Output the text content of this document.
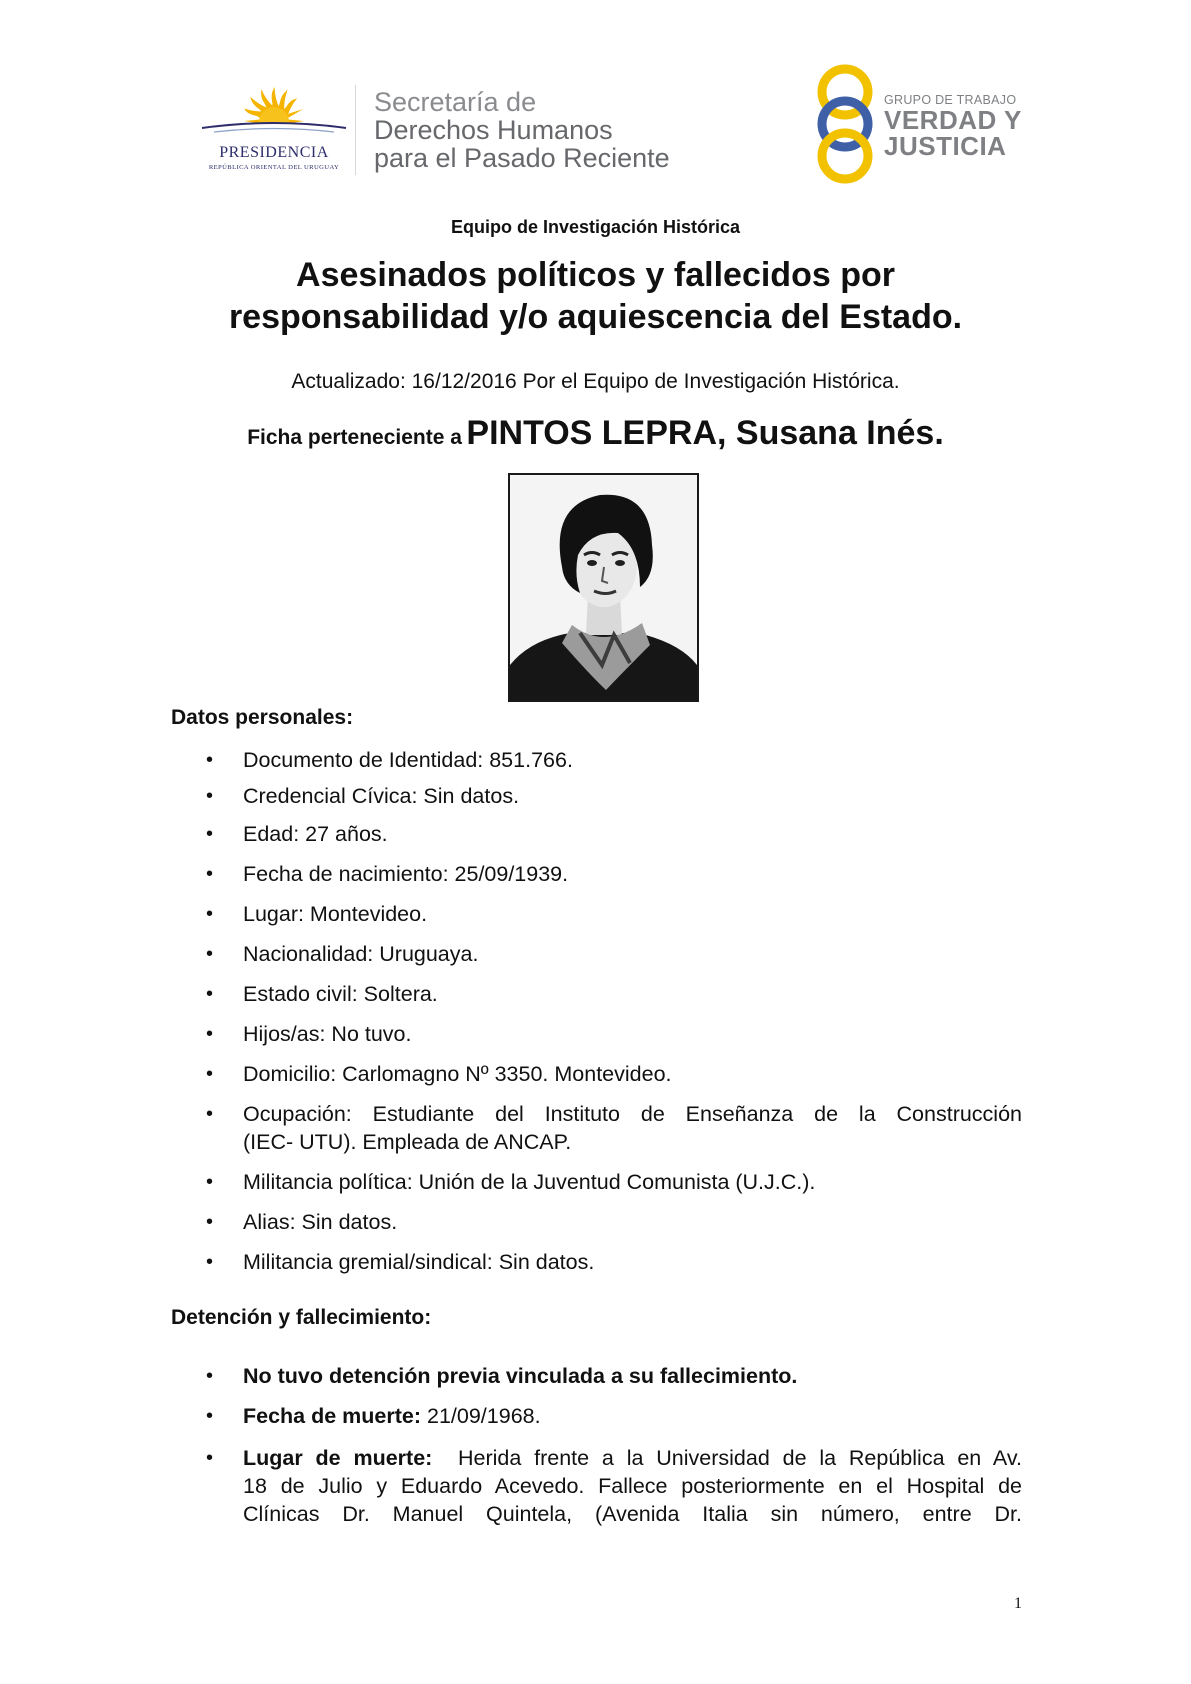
PRESIDENCIA
REPÚBLICA ORIENTAL DEL URUGUAY
Secretaría de
Derechos Humanos
para el Pasado Reciente
GRUPO DE TRABAJO
VERDAD Y
JUSTICIA
Equipo de Investigación Histórica
Asesinados políticos y fallecidos por
responsabilidad y/o aquiescencia del Estado.
Actualizado: 16/12/2016 Por el Equipo de Investigación Histórica.
Ficha perteneciente a PINTOS LEPRA, Susana Inés.
Datos personales:
• Documento de Identidad: 851.766.
• Credencial Cívica: Sin datos.
• Edad: 27 años.
• Fecha de nacimiento: 25/09/1939.
• Lugar: Montevideo.
• Nacionalidad: Uruguaya.
• Estado civil: Soltera.
• Hijos/as: No tuvo.
• Domicilio: Carlomagno Nº 3350. Montevideo.
• Ocupación: Estudiante del Instituto de Enseñanza de la Construcción
(IEC- UTU). Empleada de ANCAP.
• Militancia política: Unión de la Juventud Comunista (U.J.C.).
• Alias: Sin datos.
• Militancia gremial/sindical: Sin datos.
Detención y fallecimiento:
• No tuvo detención previa vinculada a su fallecimiento.
• Fecha de muerte: 21/09/1968.
• Lugar de muerte: Herida frente a la Universidad de la República en Av.
18 de Julio y Eduardo Acevedo. Fallece posteriormente en el Hospital de
Clínicas Dr. Manuel Quintela, (Avenida Italia sin número, entre Dr.
1
